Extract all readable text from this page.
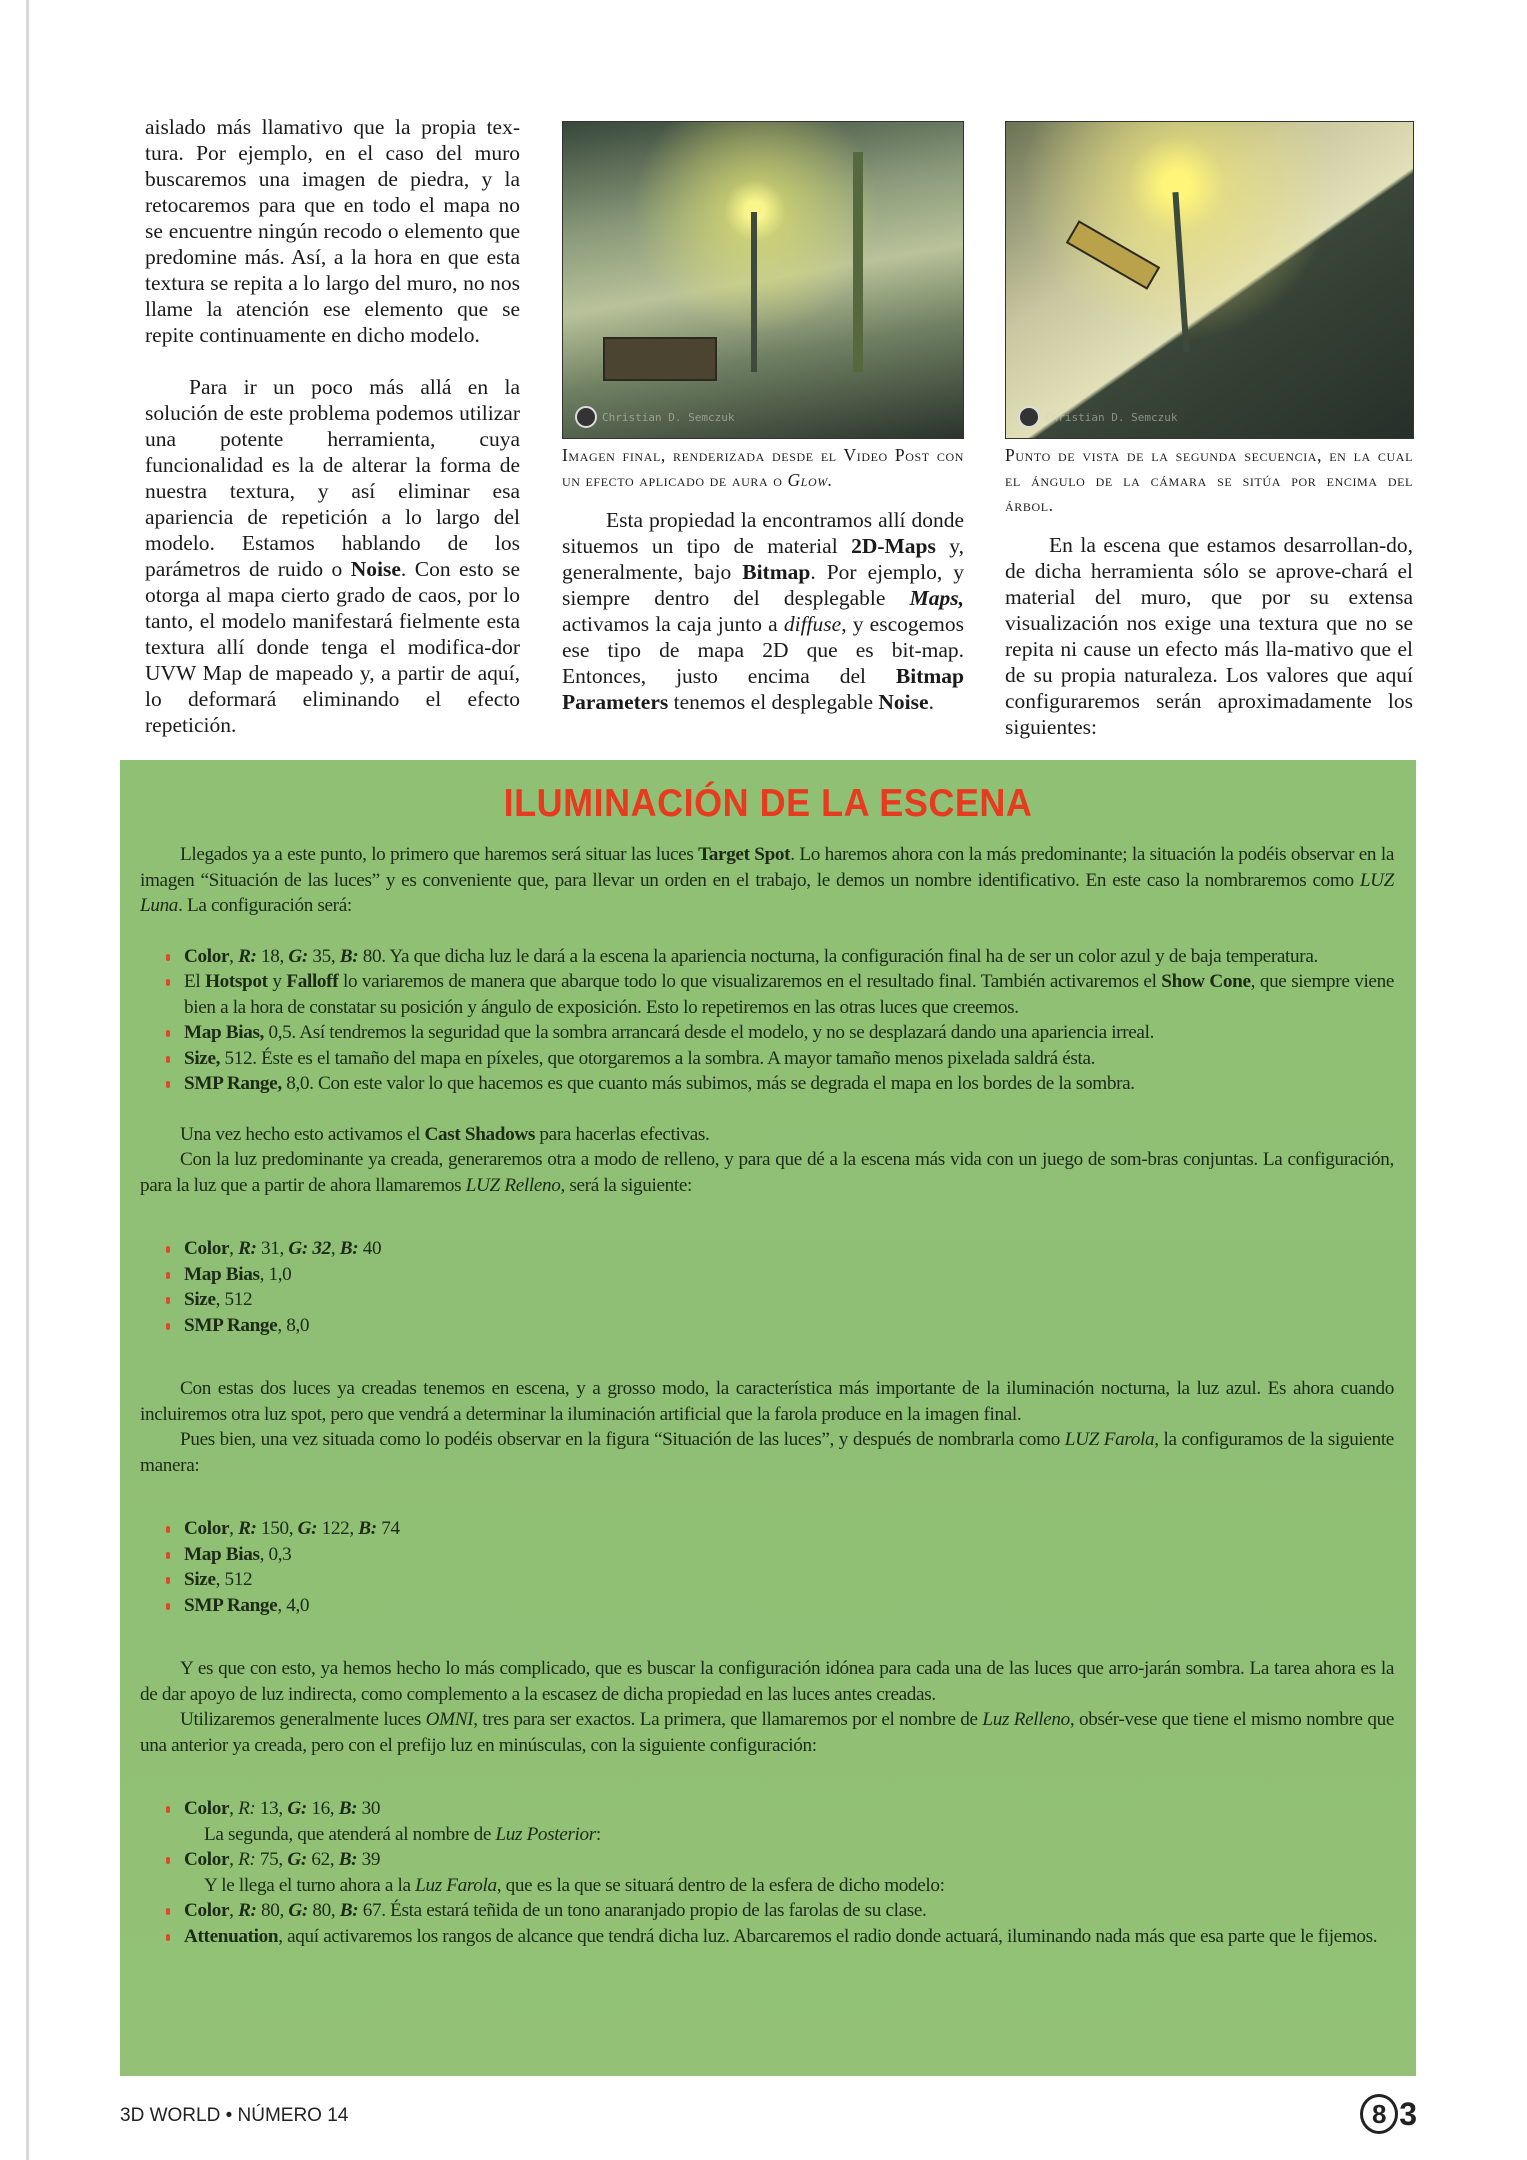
aislado más llamativo que la propia tex-tura. Por ejemplo, en el caso del muro buscaremos una imagen de piedra, y la retocaremos para que en todo el mapa no se encuentre ningún recodo o elemento que predomine más. Así, a la hora en que esta textura se repita a lo largo del muro, no nos llame la atención ese elemento que se repite continuamente en dicho modelo.

Para ir un poco más allá en la solución de este problema podemos utilizar una potente herramienta, cuya funcionalidad es la de alterar la forma de nuestra textura, y así eliminar esa apariencia de repetición a lo largo del modelo. Estamos hablando de los parámetros de ruido o Noise. Con esto se otorga al mapa cierto grado de caos, por lo tanto, el modelo manifestará fielmente esta textura allí donde tenga el modifica-dor UVW Map de mapeado y, a partir de aquí, lo deformará eliminando el efecto repetición.

Christian D. Semczuk	Christian D. Semczuk

Imagen final, renderizada desde el Video Post con un efecto aplicado de aura o Glow.

Esta propiedad la encontramos allí donde situemos un tipo de material 2D-Maps y, generalmente, bajo Bitmap. Por ejemplo, y siempre dentro del desplegable Maps, activamos la caja junto a diffuse, y escogemos ese tipo de mapa 2D que es bit-map. Entonces, justo encima del Bitmap Parameters tenemos el desplegable Noise.

Punto de vista de la segunda secuencia, en la cual el ángulo de la cámara se sitúa por encima del árbol.

En la escena que estamos desarrollan-do, de dicha herramienta sólo se aprove-chará el material del muro, que por su extensa visualización nos exige una textura que no se repita ni cause un efecto más lla-mativo que el de su propia naturaleza. Los valores que aquí configuraremos serán aproximadamente los siguientes:

ILUMINACIÓN DE LA ESCENA

Llegados ya a este punto, lo primero que haremos será situar las luces Target Spot. Lo haremos ahora con la más predominante; la situación la podéis observar en la imagen “Situación de las luces” y es conveniente que, para llevar un orden en el trabajo, le demos un nombre identificativo. En este caso la nombraremos como LUZ Luna. La configuración será:

Color, R: 18, G: 35, B: 80. Ya que dicha luz le dará a la escena la apariencia nocturna, la configuración final ha de ser un color azul y de baja temperatura.
El Hotspot y Falloff lo variaremos de manera que abarque todo lo que visualizaremos en el resultado final. También activaremos el Show Cone, que siempre viene bien a la hora de constatar su posición y ángulo de exposición. Esto lo repetiremos en las otras luces que creemos.
Map Bias, 0,5. Así tendremos la seguridad que la sombra arrancará desde el modelo, y no se desplazará dando una apariencia irreal.
Size, 512. Éste es el tamaño del mapa en píxeles, que otorgaremos a la sombra. A mayor tamaño menos pixelada saldrá ésta.
SMP Range, 8,0. Con este valor lo que hacemos es que cuanto más subimos, más se degrada el mapa en los bordes de la sombra.

Una vez hecho esto activamos el Cast Shadows para hacerlas efectivas.

Con la luz predominante ya creada, generaremos otra a modo de relleno, y para que dé a la escena más vida con un juego de som-bras conjuntas. La configuración, para la luz que a partir de ahora llamaremos LUZ Relleno, será la siguiente:

Color, R: 31, G: 32, B: 40
Map Bias, 1,0
Size, 512
SMP Range, 8,0

Con estas dos luces ya creadas tenemos en escena, y a grosso modo, la característica más importante de la iluminación nocturna, la luz azul. Es ahora cuando incluiremos otra luz spot, pero que vendrá a determinar la iluminación artificial que la farola produce en la imagen final.

Pues bien, una vez situada como lo podéis observar en la figura “Situación de las luces”, y después de nombrarla como LUZ Farola, la configuramos de la siguiente manera:

Color, R: 150, G: 122, B: 74
Map Bias, 0,3
Size, 512
SMP Range, 4,0

Y es que con esto, ya hemos hecho lo más complicado, que es buscar la configuración idónea para cada una de las luces que arro-jarán sombra. La tarea ahora es la de dar apoyo de luz indirecta, como complemento a la escasez de dicha propiedad en las luces antes creadas.

Utilizaremos generalmente luces OMNI, tres para ser exactos. La primera, que llamaremos por el nombre de Luz Relleno, obsér-vese que tiene el mismo nombre que una anterior ya creada, pero con el prefijo luz en minúsculas, con la siguiente configuración:

Color, R: 13, G: 16, B: 30
La segunda, que atenderá al nombre de Luz Posterior:
Color, R: 75, G: 62, B: 39
Y le llega el turno ahora a la Luz Farola, que es la que se situará dentro de la esfera de dicho modelo:
Color, R: 80, G: 80, B: 67. Ésta estará teñida de un tono anaranjado propio de las farolas de su clase.
Attenuation, aquí activaremos los rangos de alcance que tendrá dicha luz. Abarcaremos el radio donde actuará, iluminando nada más que esa parte que le fijemos.
3D WORLD • NÚMERO 14	8 3
